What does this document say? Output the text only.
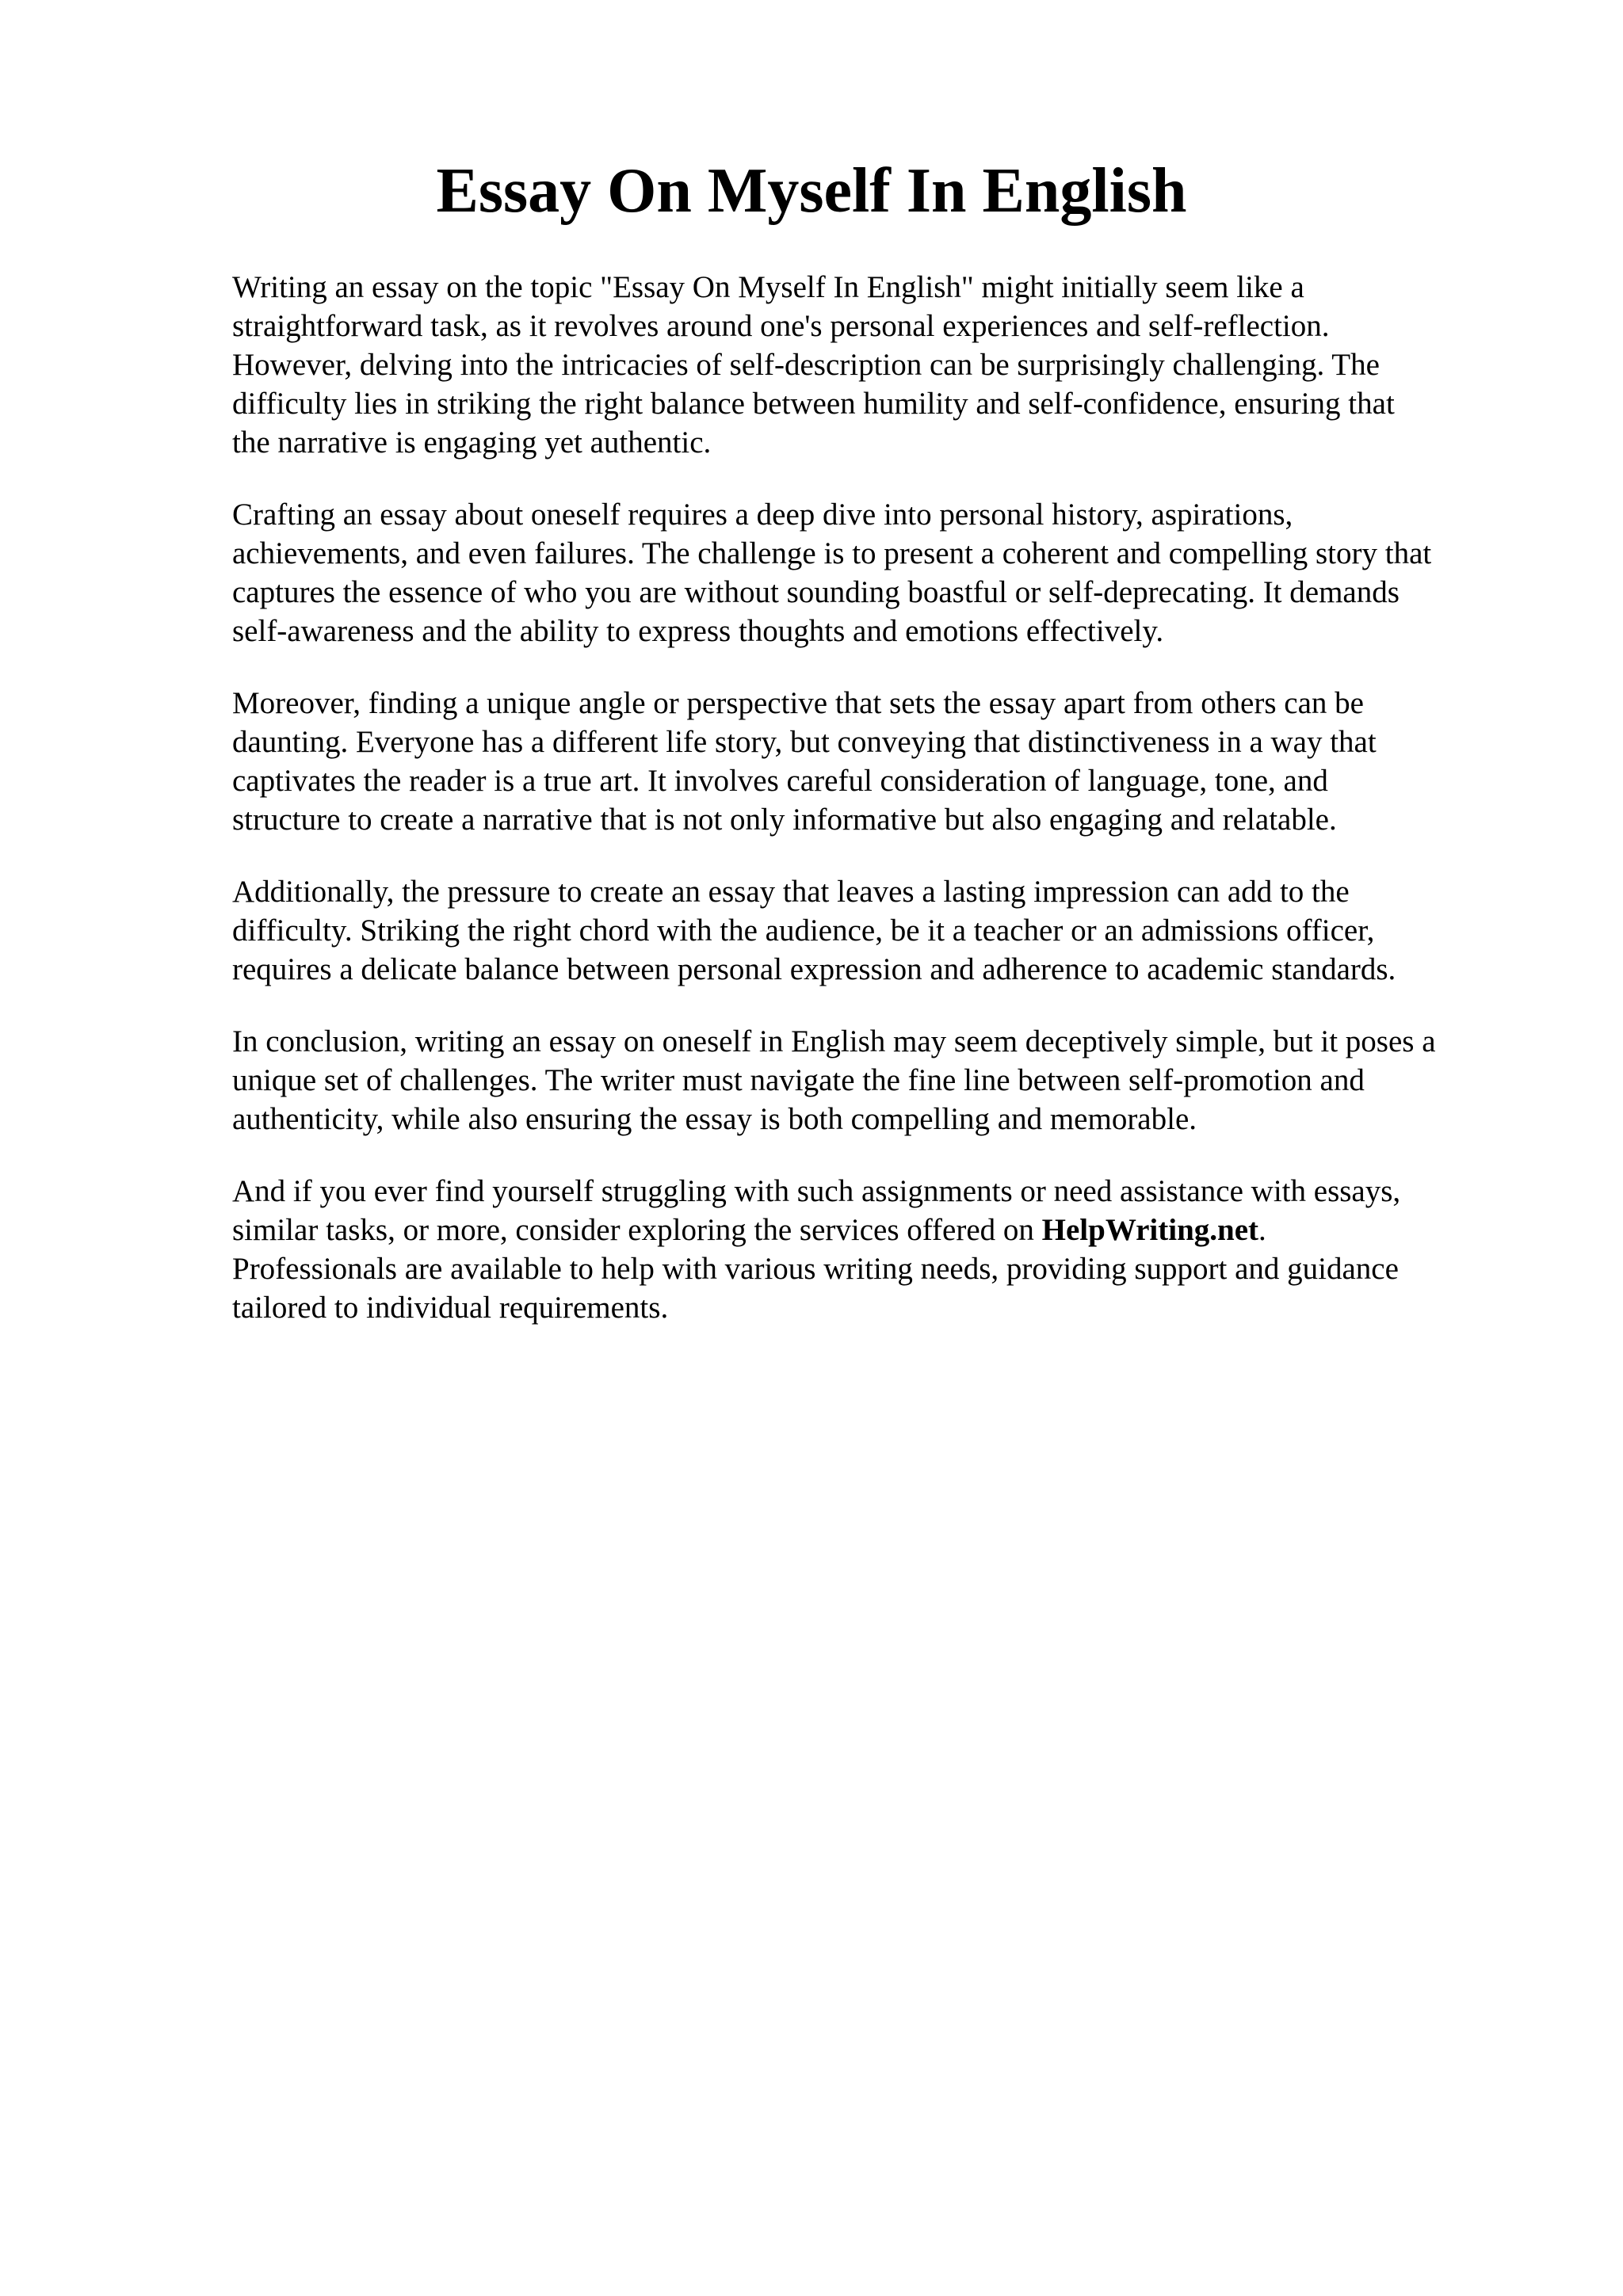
Essay On Myself In English
Writing an essay on the topic "Essay On Myself In English" might initially seem like a
straightforward task, as it revolves around one's personal experiences and self-reflection.
However, delving into the intricacies of self-description can be surprisingly challenging. The
difficulty lies in striking the right balance between humility and self-confidence, ensuring that
the narrative is engaging yet authentic.
Crafting an essay about oneself requires a deep dive into personal history, aspirations,
achievements, and even failures. The challenge is to present a coherent and compelling story that
captures the essence of who you are without sounding boastful or self-deprecating. It demands
self-awareness and the ability to express thoughts and emotions effectively.
Moreover, finding a unique angle or perspective that sets the essay apart from others can be
daunting. Everyone has a different life story, but conveying that distinctiveness in a way that
captivates the reader is a true art. It involves careful consideration of language, tone, and
structure to create a narrative that is not only informative but also engaging and relatable.
Additionally, the pressure to create an essay that leaves a lasting impression can add to the
difficulty. Striking the right chord with the audience, be it a teacher or an admissions officer,
requires a delicate balance between personal expression and adherence to academic standards.
In conclusion, writing an essay on oneself in English may seem deceptively simple, but it poses a
unique set of challenges. The writer must navigate the fine line between self-promotion and
authenticity, while also ensuring the essay is both compelling and memorable.
And if you ever find yourself struggling with such assignments or need assistance with essays,
similar tasks, or more, consider exploring the services offered on HelpWriting.net.
Professionals are available to help with various writing needs, providing support and guidance
tailored to individual requirements.
